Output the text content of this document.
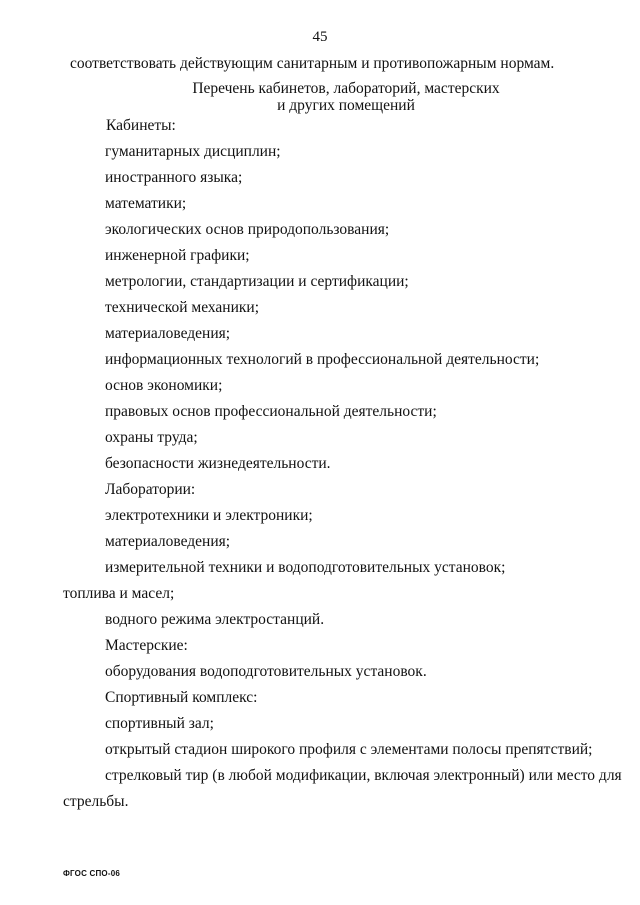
45
соответствовать действующим санитарным и противопожарным нормам.
Перечень кабинетов, лабораторий, мастерских
и других помещений
Кабинеты:
гуманитарных дисциплин;
иностранного языка;
математики;
экологических основ природопользования;
инженерной графики;
метрологии, стандартизации и сертификации;
технической механики;
материаловедения;
информационных технологий в профессиональной деятельности;
основ экономики;
правовых основ профессиональной деятельности;
охраны труда;
безопасности жизнедеятельности.
Лаборатории:
электротехники и электроники;
материаловедения;
измерительной техники и водоподготовительных установок;
топлива и масел;
водного режима электростанций.
Мастерские:
оборудования водоподготовительных установок.
Спортивный комплекс:
спортивный зал;
открытый стадион широкого профиля с элементами полосы препятствий;
стрелковый тир (в любой модификации, включая электронный) или место для
стрельбы.
ФГОС СПО-06
